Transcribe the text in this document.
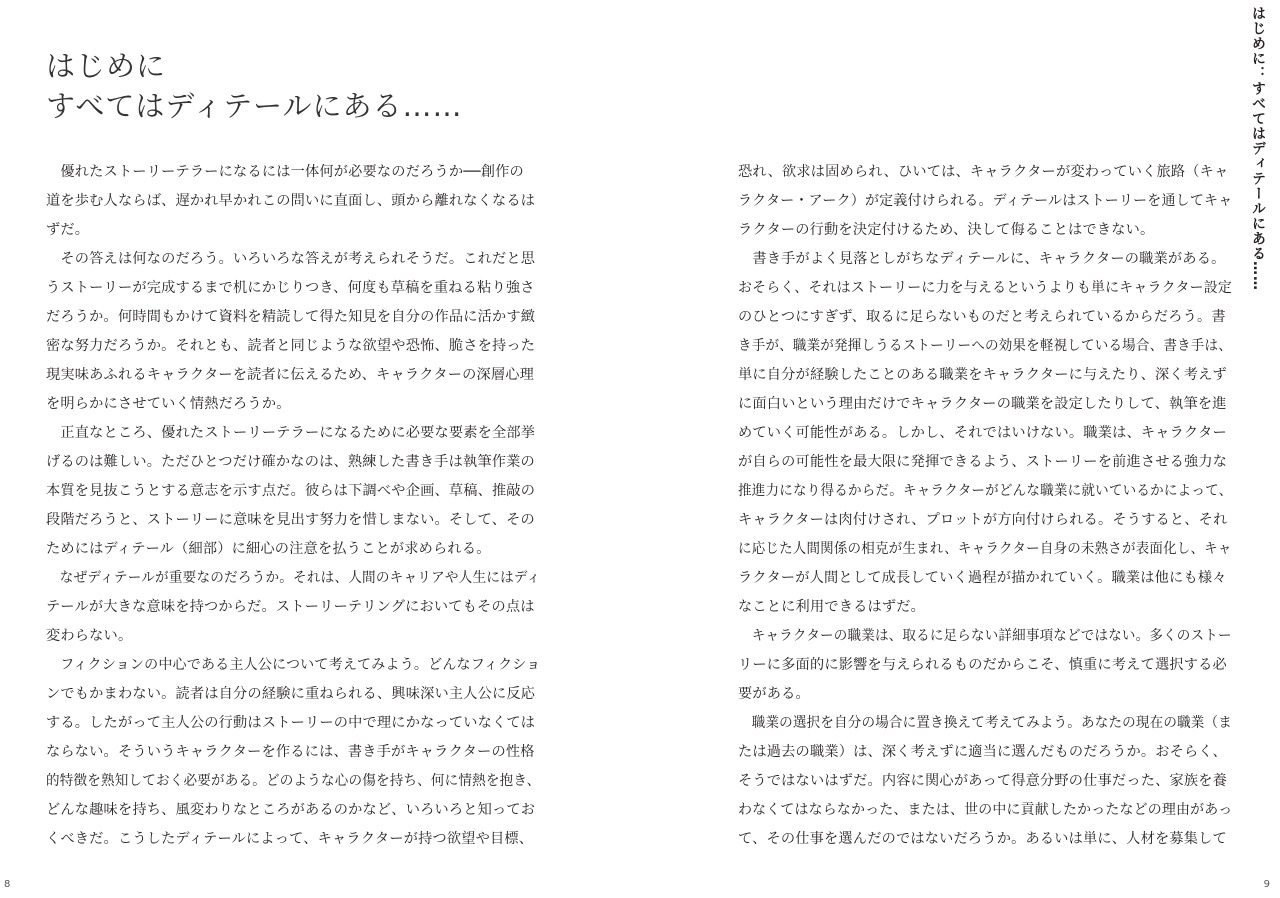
はじめに
すべてはディテールにある……
　優れたストーリーテラーになるには一体何が必要なのだろうか──創作の
道を歩む人ならば、遅かれ早かれこの問いに直面し、頭から離れなくなるは
ずだ。
　その答えは何なのだろう。いろいろな答えが考えられそうだ。これだと思
うストーリーが完成するまで机にかじりつき、何度も草稿を重ねる粘り強さ
だろうか。何時間もかけて資料を精読して得た知見を自分の作品に活かす緻
密な努力だろうか。それとも、読者と同じような欲望や恐怖、脆さを持った
現実味あふれるキャラクターを読者に伝えるため、キャラクターの深層心理
を明らかにさせていく情熱だろうか。
　正直なところ、優れたストーリーテラーになるために必要な要素を全部挙
げるのは難しい。ただひとつだけ確かなのは、熟練した書き手は執筆作業の
本質を見抜こうとする意志を示す点だ。彼らは下調べや企画、草稿、推敲の
段階だろうと、ストーリーに意味を見出す努力を惜しまない。そして、その
ためにはディテール（細部）に細心の注意を払うことが求められる。
　なぜディテールが重要なのだろうか。それは、人間のキャリアや人生にはディ
テールが大きな意味を持つからだ。ストーリーテリングにおいてもその点は
変わらない。
　フィクションの中心である主人公について考えてみよう。どんなフィクショ
ンでもかまわない。読者は自分の経験に重ねられる、興味深い主人公に反応
する。したがって主人公の行動はストーリーの中で理にかなっていなくては
ならない。そういうキャラクターを作るには、書き手がキャラクターの性格
的特徴を熟知しておく必要がある。どのような心の傷を持ち、何に情熱を抱き、
どんな趣味を持ち、風変わりなところがあるのかなど、いろいろと知ってお
くべきだ。こうしたディテールによって、キャラクターが持つ欲望や目標、
恐れ、欲求は固められ、ひいては、キャラクターが変わっていく旅路（キャ
ラクター・アーク）が定義付けられる。ディテールはストーリーを通してキャ
ラクターの行動を決定付けるため、決して侮ることはできない。
　書き手がよく見落としがちなディテールに、キャラクターの職業がある。
おそらく、それはストーリーに力を与えるというよりも単にキャラクター設定
のひとつにすぎず、取るに足らないものだと考えられているからだろう。書
き手が、職業が発揮しうるストーリーへの効果を軽視している場合、書き手は、
単に自分が経験したことのある職業をキャラクターに与えたり、深く考えず
に面白いという理由だけでキャラクターの職業を設定したりして、執筆を進
めていく可能性がある。しかし、それではいけない。職業は、キャラクター
が自らの可能性を最大限に発揮できるよう、ストーリーを前進させる強力な
推進力になり得るからだ。キャラクターがどんな職業に就いているかによって、
キャラクターは肉付けされ、プロットが方向付けられる。そうすると、それ
に応じた人間関係の相克が生まれ、キャラクター自身の未熟さが表面化し、キャ
ラクターが人間として成長していく過程が描かれていく。職業は他にも様々
なことに利用できるはずだ。
　キャラクターの職業は、取るに足らない詳細事項などではない。多くのストー
リーに多面的に影響を与えられるものだからこそ、慎重に考えて選択する必
要がある。
　職業の選択を自分の場合に置き換えて考えてみよう。あなたの現在の職業（ま
たは過去の職業）は、深く考えずに適当に選んだものだろうか。おそらく、
そうではないはずだ。内容に関心があって得意分野の仕事だった、家族を養
わなくてはならなかった、または、世の中に貢献したかったなどの理由があっ
て、その仕事を選んだのではないだろうか。あるいは単に、人材を募集して
はじめに：すべてはディテールにある……
8	9
